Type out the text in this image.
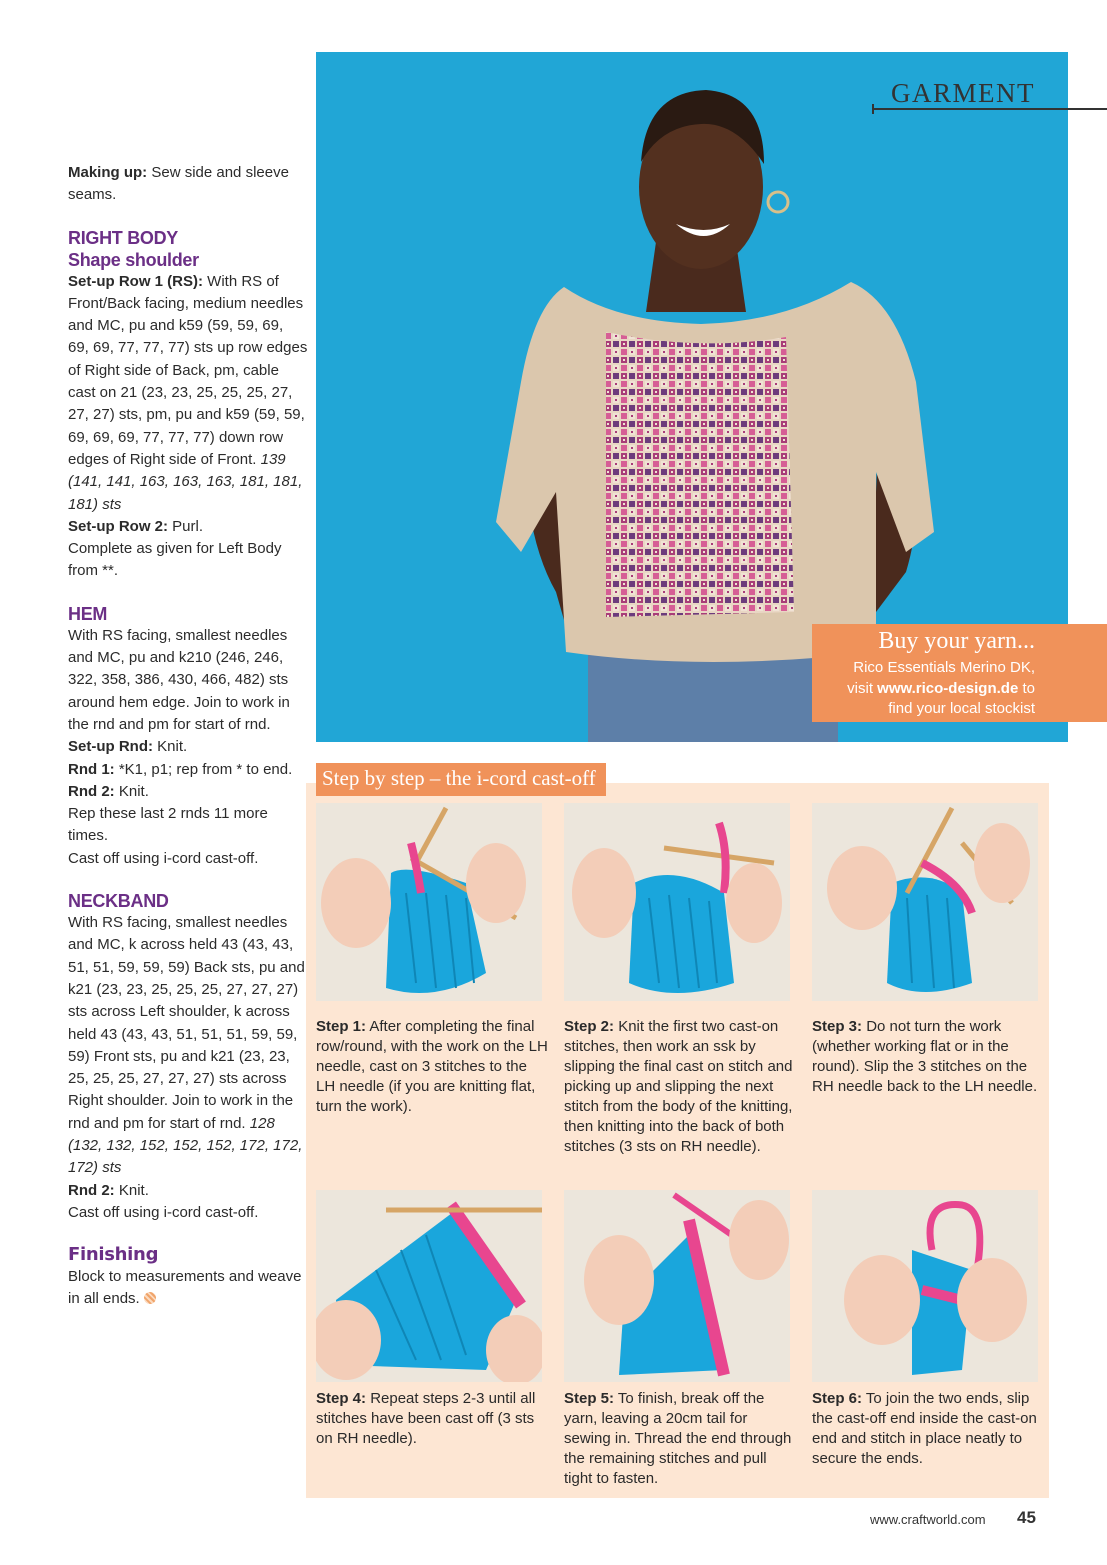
Making up: Sew side and sleeve seams.

RIGHT BODY
Shape shoulder

Set-up Row 1 (RS): With RS of Front/Back facing, medium needles and MC, pu and k59 (59, 59, 69, 69, 69, 77, 77, 77) sts up row edges of Right side of Back, pm, cable cast on 21 (23, 23, 25, 25, 25, 27, 27, 27) sts, pm, pu and k59 (59, 59, 69, 69, 69, 77, 77, 77) down row edges of Right side of Front. 139 (141, 141, 163, 163, 163, 181, 181, 181) sts

Set-up Row 2: Purl.

Complete as given for Left Body from **.

HEM

With RS facing, smallest needles and MC, pu and k210 (246, 246, 322, 358, 386, 430, 466, 482) sts around hem edge. Join to work in the rnd and pm for start of rnd.

Set-up Rnd: Knit.

Rnd 1: *K1, p1; rep from * to end.

Rnd 2: Knit.

Rep these last 2 rnds 11 more times.

Cast off using i-cord cast-off.

NECKBAND

With RS facing, smallest needles and MC, k across held 43 (43, 43, 51, 51, 59, 59, 59) Back sts, pu and k21 (23, 23, 25, 25, 25, 27, 27, 27) sts across Left shoulder, k across held 43 (43, 43, 51, 51, 51, 59, 59, 59) Front sts, pu and k21 (23, 23, 25, 25, 25, 27, 27, 27) sts across Right shoulder. Join to work in the rnd and pm for start of rnd. 128 (132, 132, 152, 152, 152, 172, 172, 172) sts

Rnd 2: Knit.

Cast off using i-cord cast-off.

Finishing

Block to measurements and weave in all ends.

GARMENT
Buy your yarn...
Rico Essentials Merino DK,
visit www.rico-design.de to
find your local stockist
Step by step – the i-cord cast-off
Step 1: After completing the final row/round, with the work on the LH needle, cast on 3 stitches to the LH needle (if you are knitting flat, turn the work).
Step 2: Knit the first two cast-on stitches, then work an ssk by slipping the final cast on stitch and picking up and slipping the next stitch from the body of the knitting, then knitting into the back of both stitches (3 sts on RH needle).
Step 3: Do not turn the work (whether working flat or in the round). Slip the 3 stitches on the RH needle back to the LH needle.
Step 4: Repeat steps 2-3 until all stitches have been cast off (3 sts on RH needle).
Step 5: To finish, break off the yarn, leaving a 20cm tail for sewing in. Thread the end through the remaining stitches and pull tight to fasten.
Step 6: To join the two ends, slip the cast-off end inside the cast-on end and stitch in place neatly to secure the ends.
www.craftworld.com 45
